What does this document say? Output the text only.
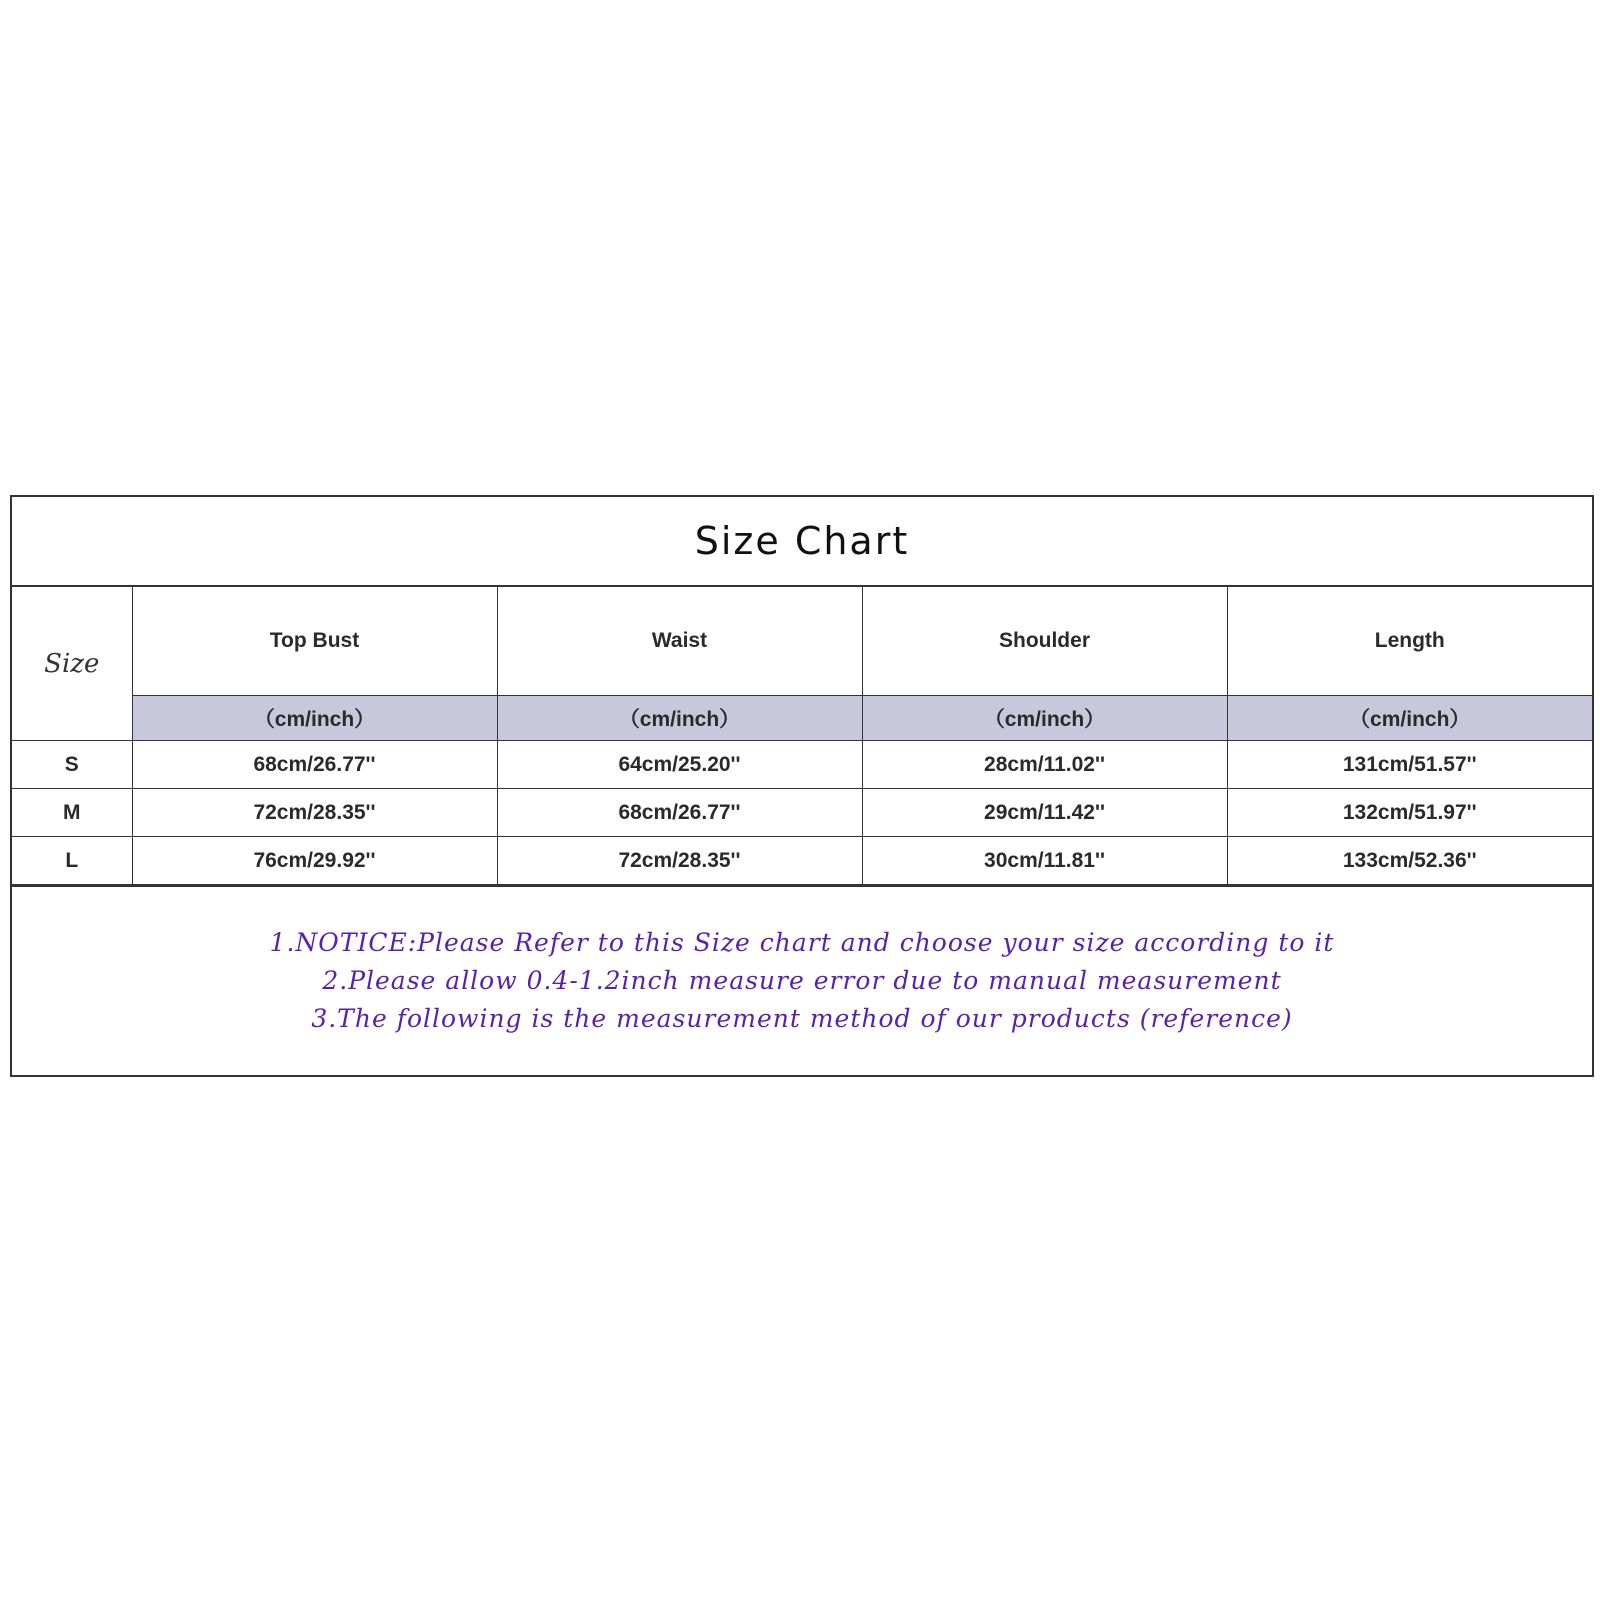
Size Chart
Size	Top Bust	Waist	Shoulder	Length
	（cm/inch）	（cm/inch）	（cm/inch）	（cm/inch）
S	68cm/26.77''	64cm/25.20''	28cm/11.02''	131cm/51.57''
M	72cm/28.35''	68cm/26.77''	29cm/11.42''	132cm/51.97''
L	76cm/29.92''	72cm/28.35''	30cm/11.81''	133cm/52.36''
1.NOTICE:Please Refer to this Size chart and choose your size according to it
2.Please allow 0.4-1.2inch measure error due to manual measurement
3.The following is the measurement method of our products (reference)
